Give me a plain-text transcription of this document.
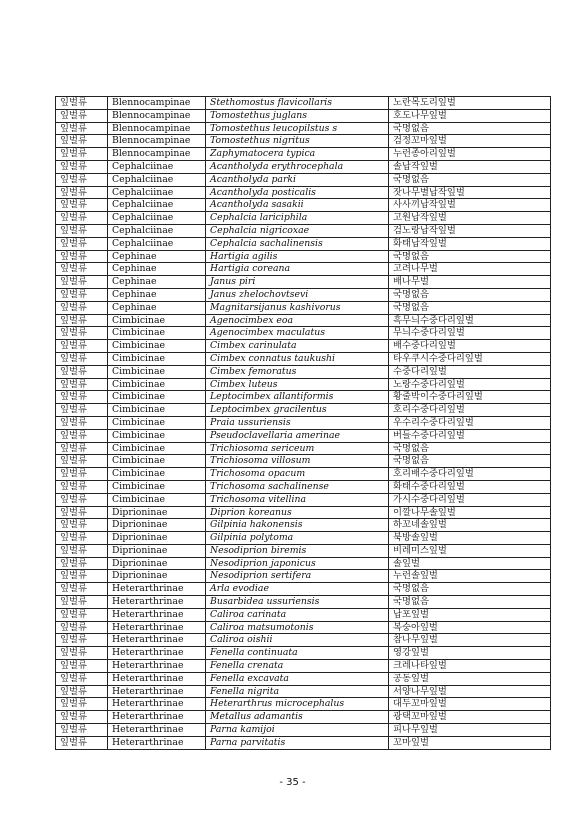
잎벌류	Blennocampinae	Stethomostus flavicollaris	노란목도리잎벌
잎벌류	Blennocampinae	Tomostethus juglans	호도나무잎벌
잎벌류	Blennocampinae	Tomostethus leucopilstus s	국명없음
잎벌류	Blennocampinae	Tomostethus nigritus	검정꼬마잎벌
잎벌류	Blennocampinae	Zaphymatocera typica	누런종아리잎벌
잎벌류	Cephalciinae	Acantholyda erythrocephala	솔납작잎벌
잎벌류	Cephalciinae	Acantholyda parki	국명없음
잎벌류	Cephalciinae	Acantholyda posticalis	잣나무별납작잎벌
잎벌류	Cephalciinae	Acantholyda sasakii	사사끼납작잎벌
잎벌류	Cephalciinae	Cephalcia lariciphila	고원납작잎벌
잎벌류	Cephalciinae	Cephalcia nigricoxae	검노랑납작잎벌
잎벌류	Cephalciinae	Cephalcia sachalinensis	화태납작잎벌
잎벌류	Cephinae	Hartigia agilis	국명없음
잎벌류	Cephinae	Hartigia coreana	고려나무벌
잎벌류	Cephinae	Janus piri	배나무벌
잎벌류	Cephinae	Janus zhelochovtsevi	국명없음
잎벌류	Cephinae	Magnitarsijanus kashivorus	국명없음
잎벌류	Cimbicinae	Agenocimbex eoa	흑무늬수중다리잎벌
잎벌류	Cimbicinae	Agenocimbex maculatus	무늬수중다리잎벌
잎벌류	Cimbicinae	Cimbex carinulata	배수중다리잎벌
잎벌류	Cimbicinae	Cimbex connatus taukushi	타우쿠시수중다리잎벌
잎벌류	Cimbicinae	Cimbex femoratus	수중다리잎벌
잎벌류	Cimbicinae	Cimbex luteus	노랑수중다리잎벌
잎벌류	Cimbicinae	Leptocimbex allantiformis	황줄박이수중다리잎벌
잎벌류	Cimbicinae	Leptocimbex gracilentus	호리수중다리잎벌
잎벌류	Cimbicinae	Praia ussuriensis	우수리수중다리잎벌
잎벌류	Cimbicinae	Pseudoclavellaria amerinae	버들수중다리잎벌
잎벌류	Cimbicinae	Trichiosoma sericeum	국명없음
잎벌류	Cimbicinae	Trichiosoma villosum	국명없음
잎벌류	Cimbicinae	Trichosoma opacum	호리배수중다리잎벌
잎벌류	Cimbicinae	Trichosoma sachalinense	화태수중다리잎벌
잎벌류	Cimbicinae	Trichosoma vitellina	가시수중다리잎벌
잎벌류	Diprioninae	Diprion koreanus	이깔나무솔잎벌
잎벌류	Diprioninae	Gilpinia hakonensis	하꼬네솔잎벌
잎벌류	Diprioninae	Gilpinia polytoma	북방솔잎벌
잎벌류	Diprioninae	Nesodiprion biremis	비레미스잎벌
잎벌류	Diprioninae	Nesodiprion japonicus	솔잎벌
잎벌류	Diprioninae	Nesodiprion sertifera	누런솔잎벌
잎벌류	Heterarthrinae	Arla evodiae	국명없음
잎벌류	Heterarthrinae	Busarbidea ussuriensis	국명없음
잎벌류	Heterarthrinae	Caliroa carinata	납포잎벌
잎벌류	Heterarthrinae	Caliroa matsumotonis	복숭아잎벌
잎벌류	Heterarthrinae	Caliroa oishii	참나무잎벌
잎벌류	Heterarthrinae	Fenella continuata	영강잎벌
잎벌류	Heterarthrinae	Fenella crenata	크레나타잎벌
잎벌류	Heterarthrinae	Fenella excavata	공동잎벌
잎벌류	Heterarthrinae	Fenella nigrita	서양나무잎벌
잎벌류	Heterarthrinae	Heterarthrus microcephalus	대두꼬마잎벌
잎벌류	Heterarthrinae	Metallus adamantis	광택꼬마잎벌
잎벌류	Heterarthrinae	Parna kamijoi	피나무잎벌
잎벌류	Heterarthrinae	Parna parvitatis	꼬마잎벌
- 35 -
